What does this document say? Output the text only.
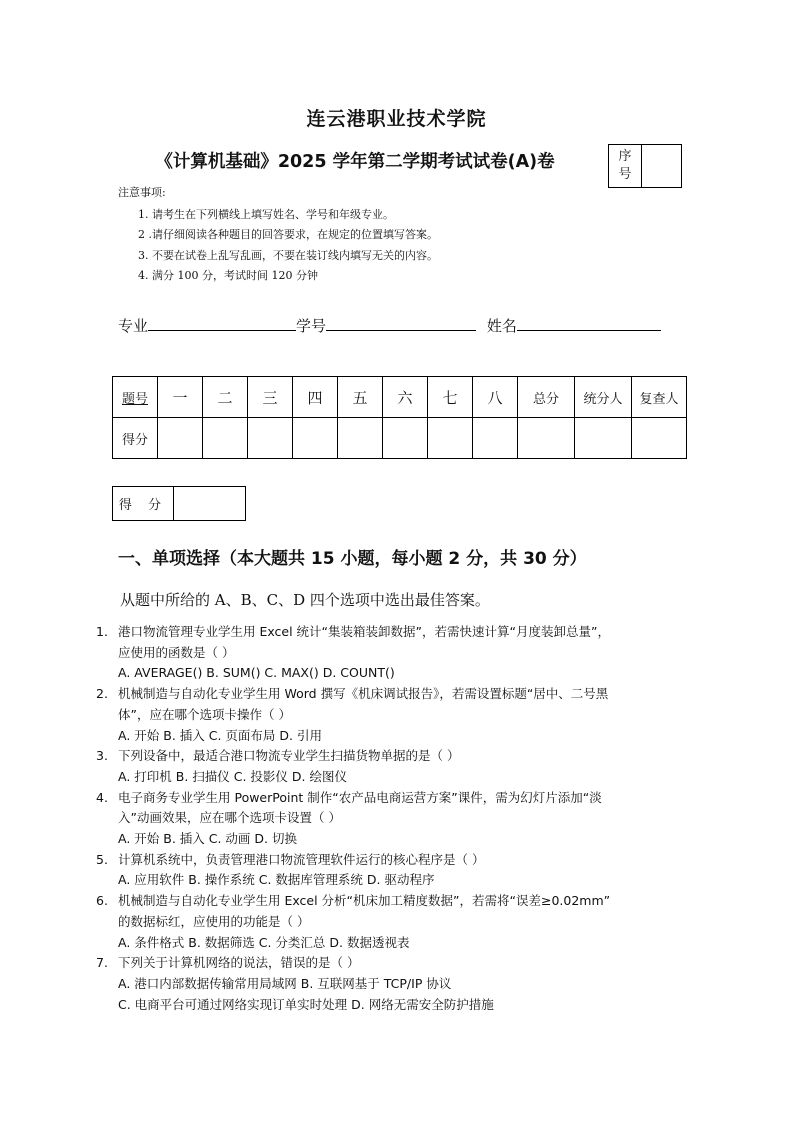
连云港职业技术学院
《计算机基础》2025 学年第二学期考试试卷(A)卷	序
号
注意事项:
1. 请考生在下列横线上填写姓名、学号和年级专业。
2 .请仔细阅读各种题目的回答要求，在规定的位置填写答案。
3. 不要在试卷上乱写乱画，不要在装订线内填写无关的内容。
4. 满分 100 分，考试时间 120 分钟
专业	学号	姓名
题号	一	二	三	四	五	六	七	八	总分	统分人	复查人
得分											
得 分
一、单项选择（本大题共 15 小题，每小题 2 分，共 30 分）
从题中所给的 A、B、C、D 四个选项中选出最佳答案。
1. 港口物流管理专业学生用 Excel 统计“集装箱装卸数据”，若需快速计算“月度装卸总量”，
应使用的函数是（ ）
A. AVERAGE() B. SUM() C. MAX() D. COUNT()
2. 机械制造与自动化专业学生用 Word 撰写《机床调试报告》，若需设置标题“居中、二号黑
体”，应在哪个选项卡操作（ ）
A. 开始 B. 插入 C. 页面布局 D. 引用
3. 下列设备中，最适合港口物流专业学生扫描货物单据的是（ ）
A. 打印机 B. 扫描仪 C. 投影仪 D. 绘图仪
4. 电子商务专业学生用 PowerPoint 制作“农产品电商运营方案”课件，需为幻灯片添加“淡
入”动画效果，应在哪个选项卡设置（ ）
A. 开始 B. 插入 C. 动画 D. 切换
5. 计算机系统中，负责管理港口物流管理软件运行的核心程序是（ ）
A. 应用软件 B. 操作系统 C. 数据库管理系统 D. 驱动程序
6. 机械制造与自动化专业学生用 Excel 分析“机床加工精度数据”，若需将“误差≥0.02mm”
的数据标红，应使用的功能是（ ）
A. 条件格式 B. 数据筛选 C. 分类汇总 D. 数据透视表
7. 下列关于计算机网络的说法，错误的是（ ）
A. 港口内部数据传输常用局域网 B. 互联网基于 TCP/IP 协议
C. 电商平台可通过网络实现订单实时处理 D. 网络无需安全防护措施
